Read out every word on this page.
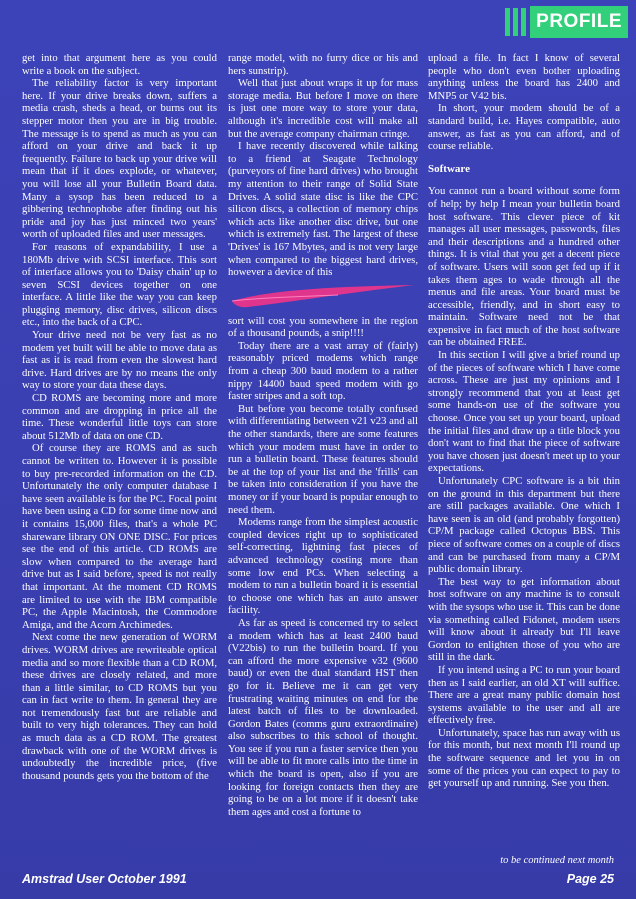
PROFILE

get into that argument here as you could write a book on the subject.

The reliability factor is very important here. If your drive breaks down, suffers a media crash, sheds a head, or burns out its stepper motor then you are in big trouble. The message is to spend as much as you can afford on your drive and back it up frequently. Failure to back up your drive will mean that if it does explode, or whatever, you will lose all your Bulletin Board data. Many a sysop has been reduced to a gibbering technophobe after finding out his pride and joy has just minced two years' worth of uploaded files and user messages.

For reasons of expandability, I use a 180Mb drive with SCSI interface. This sort of interface allows you to 'Daisy chain' up to seven SCSI devices together on one interface. A little like the way you can keep plugging memory, disc drives, silicon discs etc., into the back of a CPC.

Your drive need not be very fast as no modem yet built will be able to move data as fast as it is read from even the slowest hard drive. Hard drives are by no means the only way to store your data these days.

CD ROMS are becoming more and more common and are dropping in price all the time. These wonderful little toys can store about 512Mb of data on one CD.

Of course they are ROMS and as such cannot be written to. However it is possible to buy pre-recorded information on the CD. Unfortunately the only computer database I have seen available is for the PC. Focal point have been using a CD for some time now and it contains 15,000 files, that's a whole PC shareware library ON ONE DISC. For prices see the end of this article. CD ROMS are slow when compared to the average hard drive but as I said before, speed is not really that important. At the moment CD ROMS are limited to use with the IBM compatible PC, the Apple Macintosh, the Commodore Amiga, and the Acorn Archimedes.

Next come the new generation of WORM drives. WORM drives are rewriteable optical media and so more flexible than a CD ROM, these drives are closely related, and more than a little similar, to CD ROMS but you can in fact write to them. In general they are not tremendously fast but are reliable and built to very high tolerances. They can hold as much data as a CD ROM. The greatest drawback with one of the WORM drives is undoubtedly the incredible price, (five thousand pounds gets you the bottom of the

range model, with no furry dice or his and hers sunstrip).

Well that just about wraps it up for mass storage media. But before I move on there is just one more way to store your data, although it's incredible cost will make all but the average company chairman cringe.

I have recently discovered while talking to a friend at Seagate Technology (purveyors of fine hard drives) who brought my attention to their range of Solid State Drives. A solid state disc is like the CPC silicon discs, a collection of memory chips which acts like another disc drive, but one which is extremely fast. The largest of these 'Drives' is 167 Mbytes, and is not very large when compared to the biggest hard drives, however a device of this

sort will cost you somewhere in the region of a thousand pounds, a snip!!!!

Today there are a vast array of (fairly) reasonably priced modems which range from a cheap 300 baud modem to a rather nippy 14400 baud speed modem with go faster stripes and a soft top.

But before you become totally confused with differentiating between v21 v23 and all the other standards, there are some features which your modem must have in order to run a bulletin board. These features should be at the top of your list and the 'frills' can be taken into consideration if you have the money or if your board is popular enough to need them.

Modems range from the simplest acoustic coupled devices right up to sophisticated self-correcting, lightning fast pieces of advanced technology costing more than some low end PCs. When selecting a modem to run a bulletin board it is essential to choose one which has an auto answer facility.

As far as speed is concerned try to select a modem which has at least 2400 baud (V22bis) to run the bulletin board. If you can afford the more expensive v32 (9600 baud) or even the dual standard HST then go for it. Believe me it can get very frustrating waiting minutes on end for the latest batch of files to be downloaded. Gordon Bates (comms guru extraordinaire) also subscribes to this school of thought. You see if you run a faster service then you will be able to fit more calls into the time in which the board is open, also if you are looking for foreign contacts then they are going to be on a lot more if it doesn't take them ages and cost a fortune to

upload a file. In fact I know of several people who don't even bother uploading anything unless the board has 2400 and MNP5 or V42 bis.

In short, your modem should be of a standard build, i.e. Hayes compatible, auto answer, as fast as you can afford, and of course reliable.

Software

You cannot run a board without some form of help; by help I mean your bulletin board host software. This clever piece of kit manages all user messages, passwords, files and their descriptions and a hundred other things. It is vital that you get a decent piece of software. Users will soon get fed up if it takes them ages to wade through all the menus and file areas. Your board must be accessible, friendly, and in short easy to maintain. Software need not be that expensive in fact much of the host software can be obtained FREE.

In this section I will give a brief round up of the pieces of software which I have come across. These are just my opinions and I strongly recommend that you at least get some hands-on use of the software you choose. Once you set up your board, upload the initial files and draw up a title block you don't want to find that the piece of software you have chosen just doesn't meet up to your expectations.

Unfortunately CPC software is a bit thin on the ground in this department but there are still packages available. One which I have seen is an old (and probably forgotten) CP/M package called Octopus BBS. This piece of software comes on a couple of discs and can be purchased from many a CP/M public domain library.

The best way to get information about host software on any machine is to consult with the sysops who use it. This can be done via something called Fidonet, modem users will know about it already but I'll leave Gordon to enlighten those of you who are still in the dark.

If you intend using a PC to run your board then as I said earlier, an old XT will suffice. There are a great many public domain host systems available to the user and all are effectively free.

Unfortunately, space has run away with us for this month, but next month I'll round up the software sequence and let you in on some of the prices you can expect to pay to get yourself up and running. See you then.

to be continued next month
Amstrad User October 1991	Page 25
